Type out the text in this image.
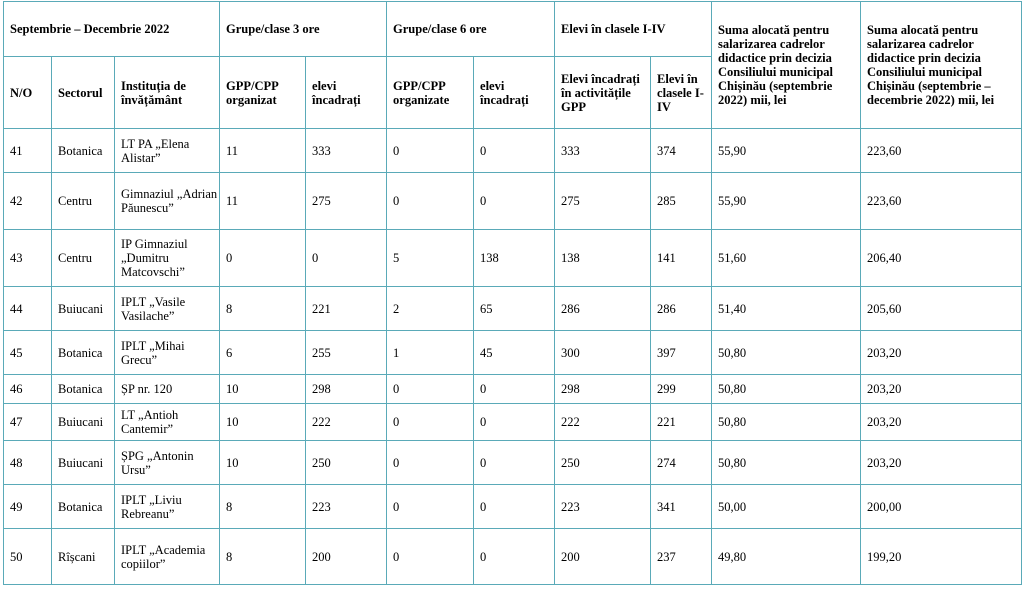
Septembrie – Decembrie 2022			Grupe/clase 3 ore		Grupe/clase 6 ore		Elevi în clasele I-IV		Suma alocată pentru salarizarea cadrelor didactice prin decizia Consiliului municipal Chișinău (septembrie 2022) mii, lei	Suma alocată pentru salarizarea cadrelor didactice prin decizia Consiliului municipal Chișinău (septembrie – decembrie 2022) mii, lei
N/O	Sectorul	Instituția de învățământ	GPP/CPP organizat	elevi încadrați	GPP/CPP organizate	elevi încadrați	Elevi încadrați în activitățile GPP	Elevi în clasele I-IV		
41	Botanica	LT PA „Elena Alistar”	11	333	0	0	333	374	55,90	223,60
42	Centru	Gimnaziul „Adrian Păunescu”	11	275	0	0	275	285	55,90	223,60
43	Centru	IP Gimnaziul „Dumitru Matcovschi”	0	0	5	138	138	141	51,60	206,40
44	Buiucani	IPLT „Vasile Vasilache”	8	221	2	65	286	286	51,40	205,60
45	Botanica	IPLT „Mihai Grecu”	6	255	1	45	300	397	50,80	203,20
46	Botanica	ȘP nr. 120	10	298	0	0	298	299	50,80	203,20
47	Buiucani	LT „Antioh Cantemir”	10	222	0	0	222	221	50,80	203,20
48	Buiucani	ȘPG „Antonin Ursu”	10	250	0	0	250	274	50,80	203,20
49	Botanica	IPLT „Liviu Rebreanu”	8	223	0	0	223	341	50,00	200,00
50	Rîșcani	IPLT „Academia copiilor”	8	200	0	0	200	237	49,80	199,20
